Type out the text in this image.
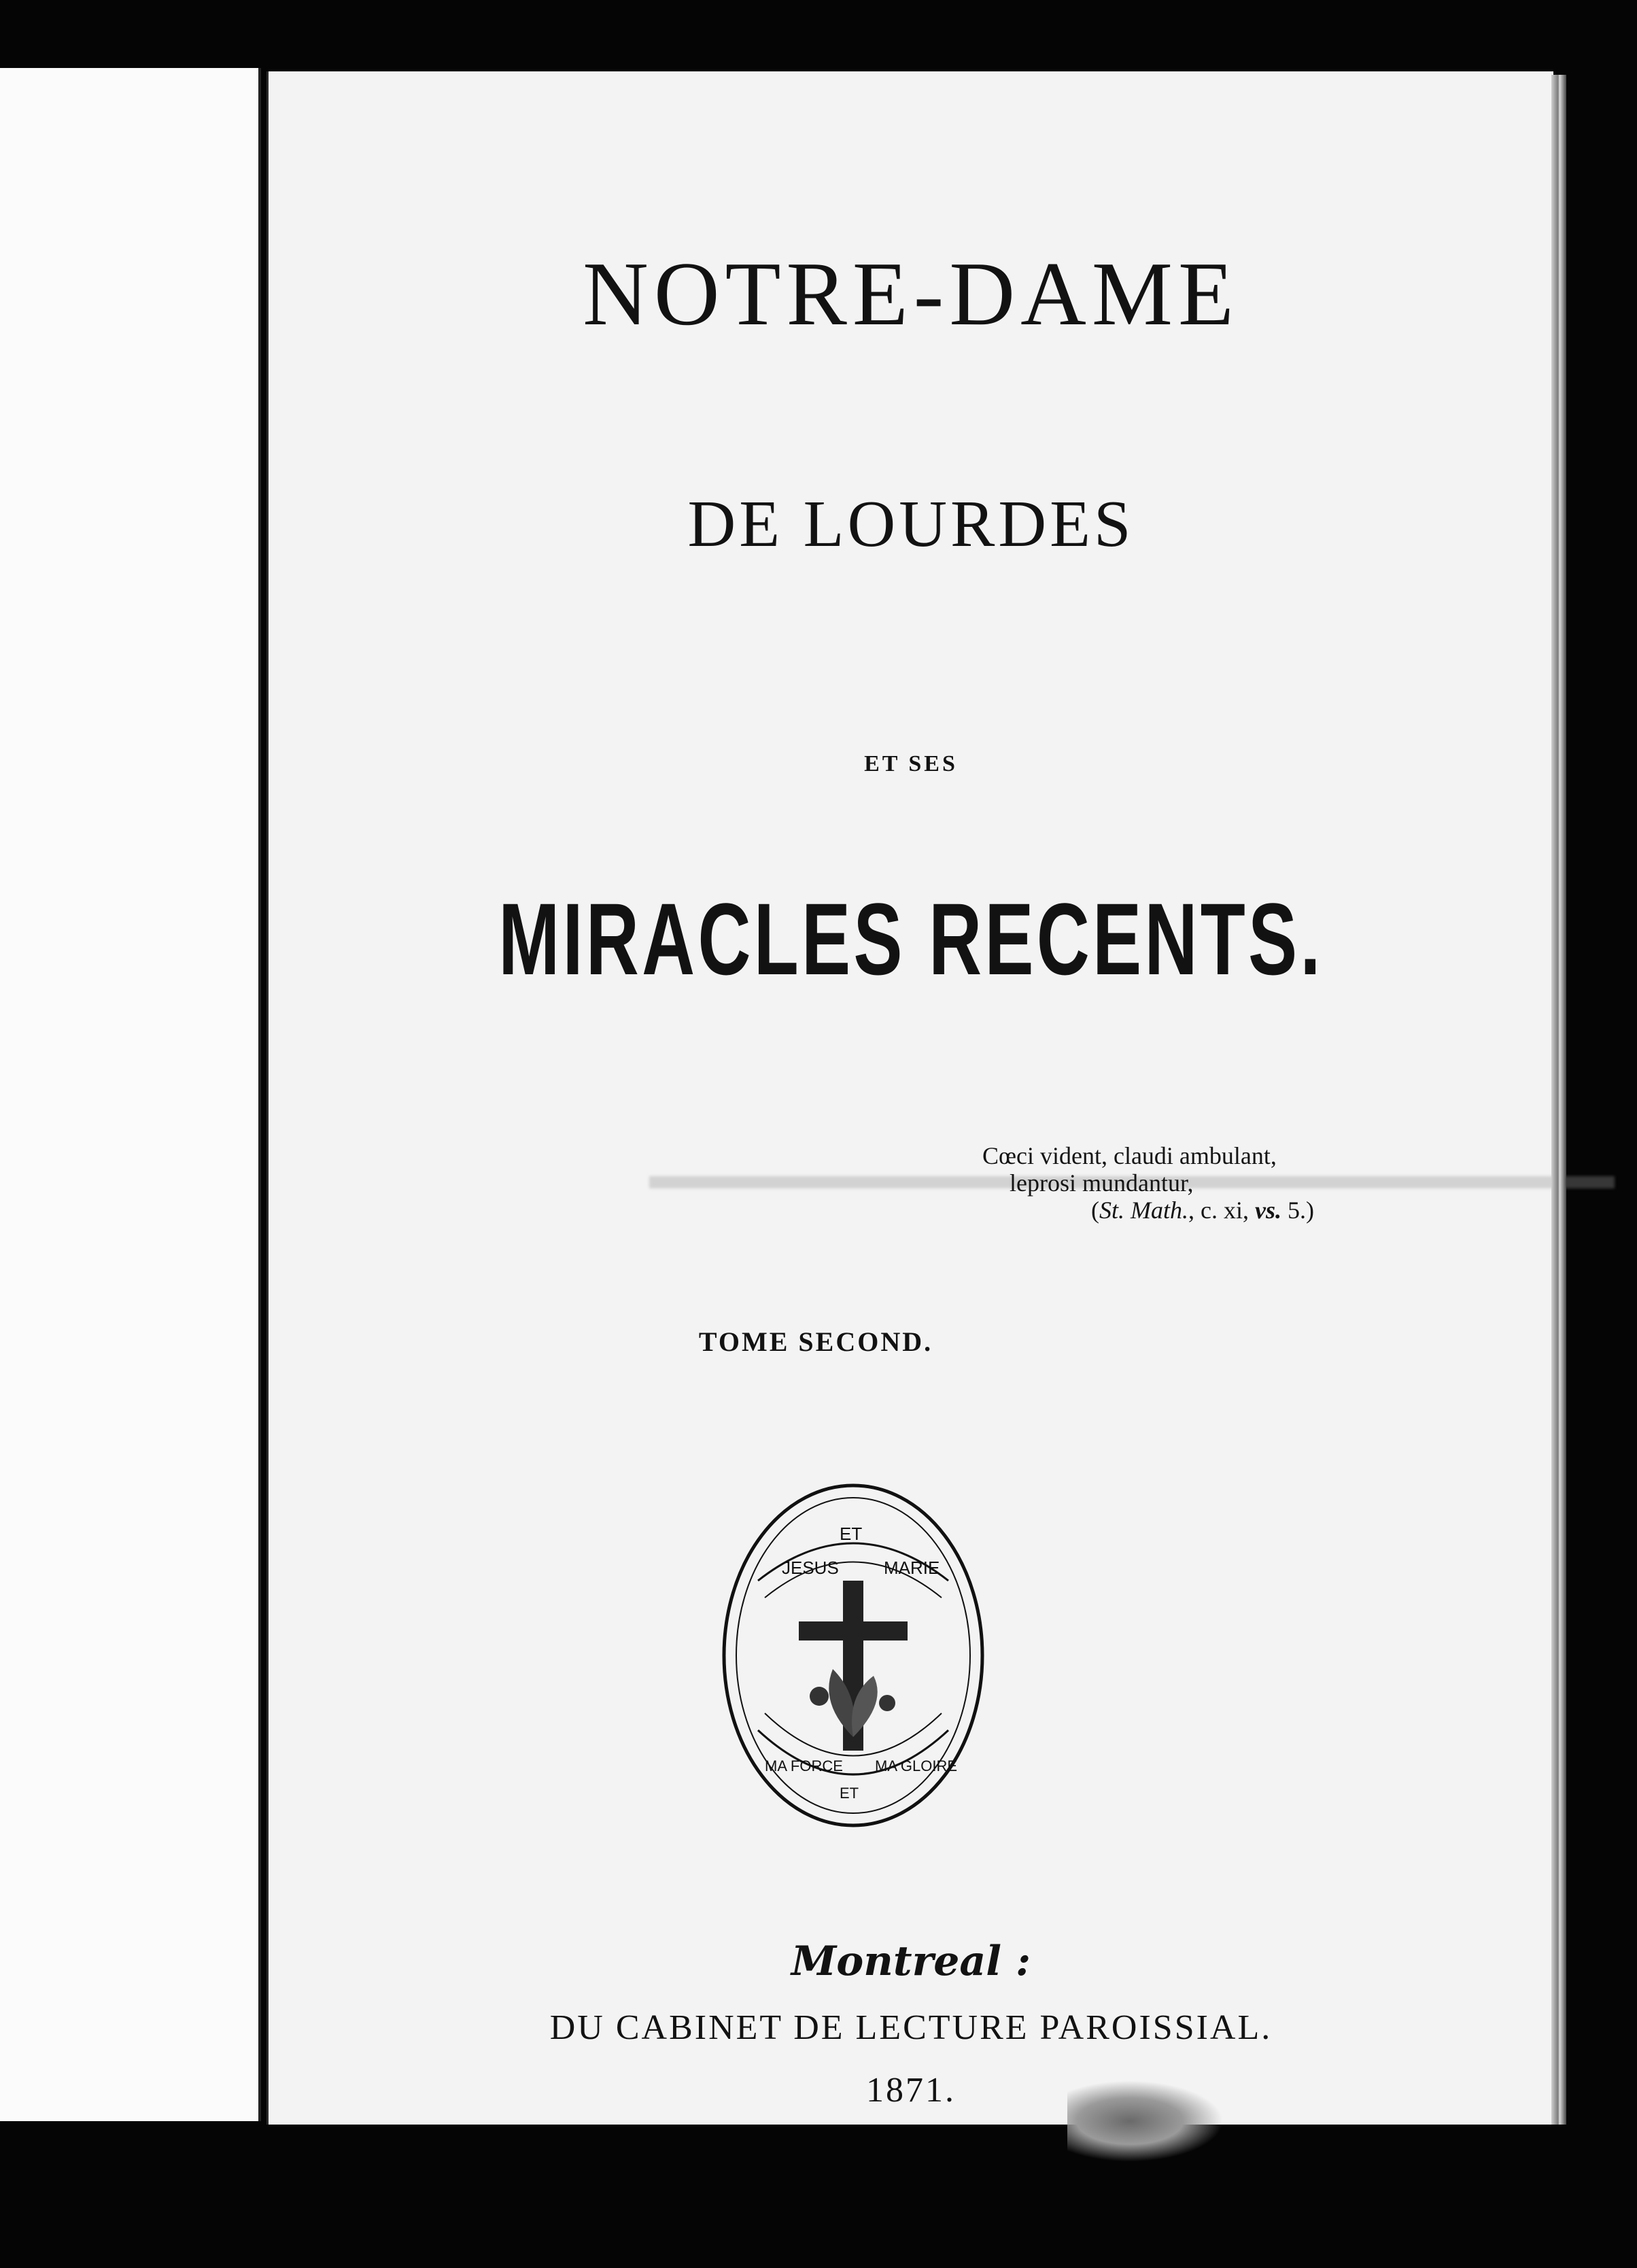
NOTRE-DAME
DE LOURDES
ET SES
MIRACLES RECENTS.
Cœci vident, claudi ambulant,
leprosi mundantur,
(St. Math., c. xi, vs. 5.)
TOME SECOND.
JESUS
ET
MARIE
MA FORCE
ET
MA GLOIRE
Montreal :
DU CABINET DE LECTURE PAROISSIAL.
1871.
